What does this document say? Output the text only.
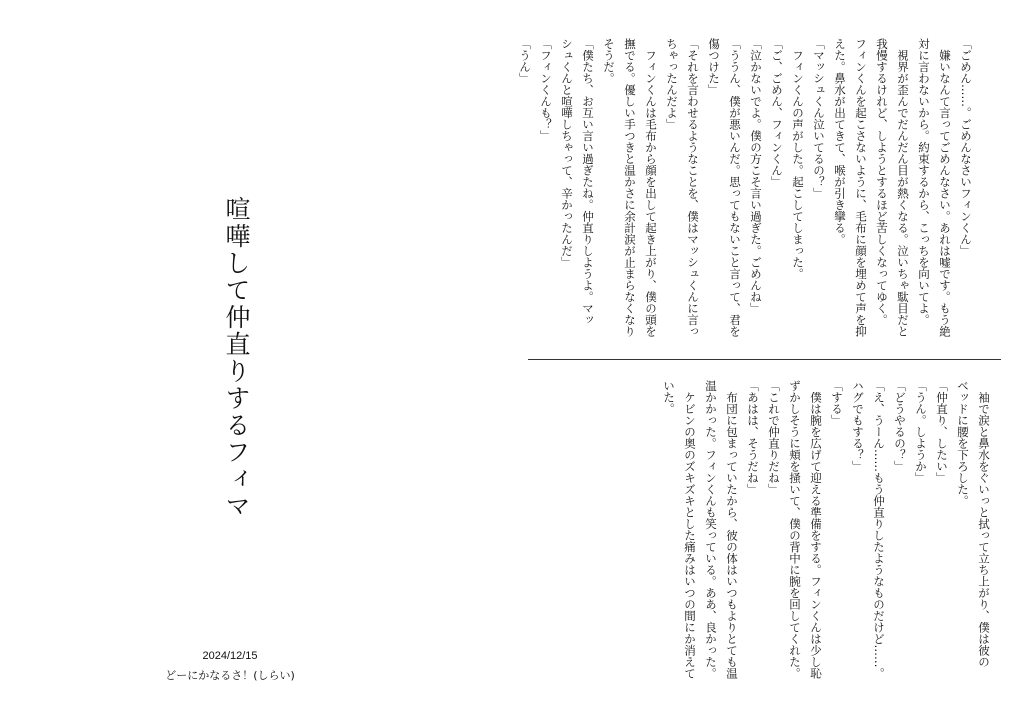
喧嘩して仲直りするフィマ
2024/12/15
どーにかなるさ！(しらい)

「ごめん……。ごめんなさいフィンくん」

　嫌いなんて言ってごめんなさい。あれは嘘です。もう絶

対に言わないから。約束するから、こっちを向いてよ。

　視界が歪んでだんだん目が熱くなる。泣いちゃ駄目だと

我慢するけれど、しようとするほど苦しくなってゆく。

フィンくんを起こさないように、毛布に顔を埋めて声を抑

えた。鼻水が出てきて、喉が引き攣る。

「マッシュくん泣いてるの？」

　フィンくんの声がした。起こしてしまった。

「ご、ごめん、フィンくん」

「泣かないでよ。僕の方こそ言い過ぎた。ごめんね」

「ううん、僕が悪いんだ。思ってもないこと言って、君を

傷つけた」

「それを言わせるようなことを、僕はマッシュくんに言っ

ちゃったんだよ」

　フィンくんは毛布から顔を出して起き上がり、僕の頭を

撫でる。優しい手つきと温かさに余計涙が止まらなくなり

そうだ。

「僕たち、お互い言い過ぎたね。仲直りしようよ。マッ

シュくんと喧嘩しちゃって、辛かったんだ」

「フィンくんも？」

「うん」

　袖で涙と鼻水をぐいっと拭って立ち上がり、僕は彼の

ベッドに腰を下ろした。

「仲直り、したい」

「うん。しようか」

「どうやるの？」

「え、うーん……もう仲直りしたようなものだけど……。

ハグでもする？」

「する」

　僕は腕を広げて迎える準備をする。フィンくんは少し恥

ずかしそうに頬を掻いて、僕の背中に腕を回してくれた。

「これで仲直りだね」

「あはは、そうだね」

　布団に包まっていたから、彼の体はいつもよりとても温

温かかった。フィンくんも笑っている。ああ、良かった。

　ケビンの奥のズキズキとした痛みはいつの間にか消えて

いた。
